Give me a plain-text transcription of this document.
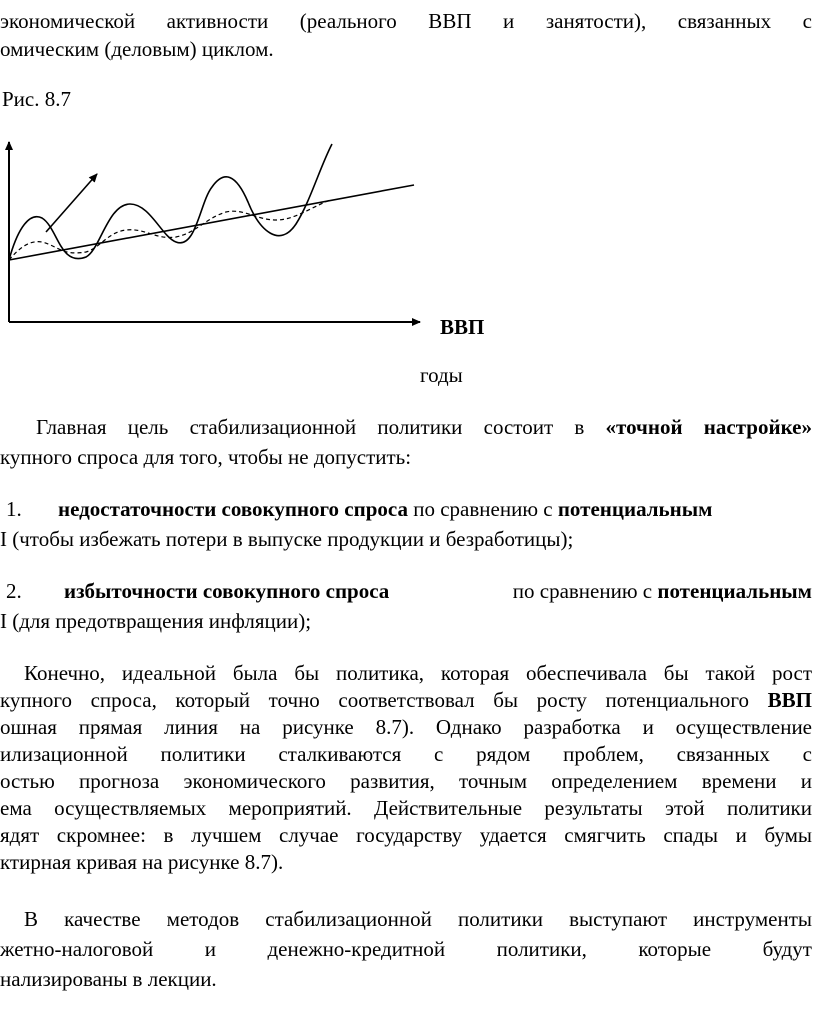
экономической активности (реального ВВП и занятости), связанных с
омическим (деловым) циклом.
Рис. 8.7
ВВП
годы
Главная цель стабилизационной политики состоит в «точной настройке»
купного спроса для того, чтобы не допустить:
1.	недостаточности совокупного спроса по сравнению с потенциальным
I (чтобы избежать потери в выпуске продукции и безработицы);
2.	избыточности совокупного спроса	по сравнению с потенциальным
I (для предотвращения инфляции);
Конечно, идеальной была бы политика, которая обеспечивала бы такой рост
купного спроса, который точно соответствовал бы росту потенциального ВВП
ошная прямая линия на рисунке 8.7). Однако разработка и осуществление
илизационной политики сталкиваются с рядом проблем, связанных с
остью прогноза экономического развития, точным определением времени и
ема осуществляемых мероприятий. Действительные результаты этой политики
ядят скромнее: в лучшем случае государству удается смягчить спады и бумы
ктирная кривая на рисунке 8.7).
В качестве методов стабилизационной политики выступают инструменты
жетно-налоговой и денежно-кредитной политики, которые будут
нализированы в лекции.
